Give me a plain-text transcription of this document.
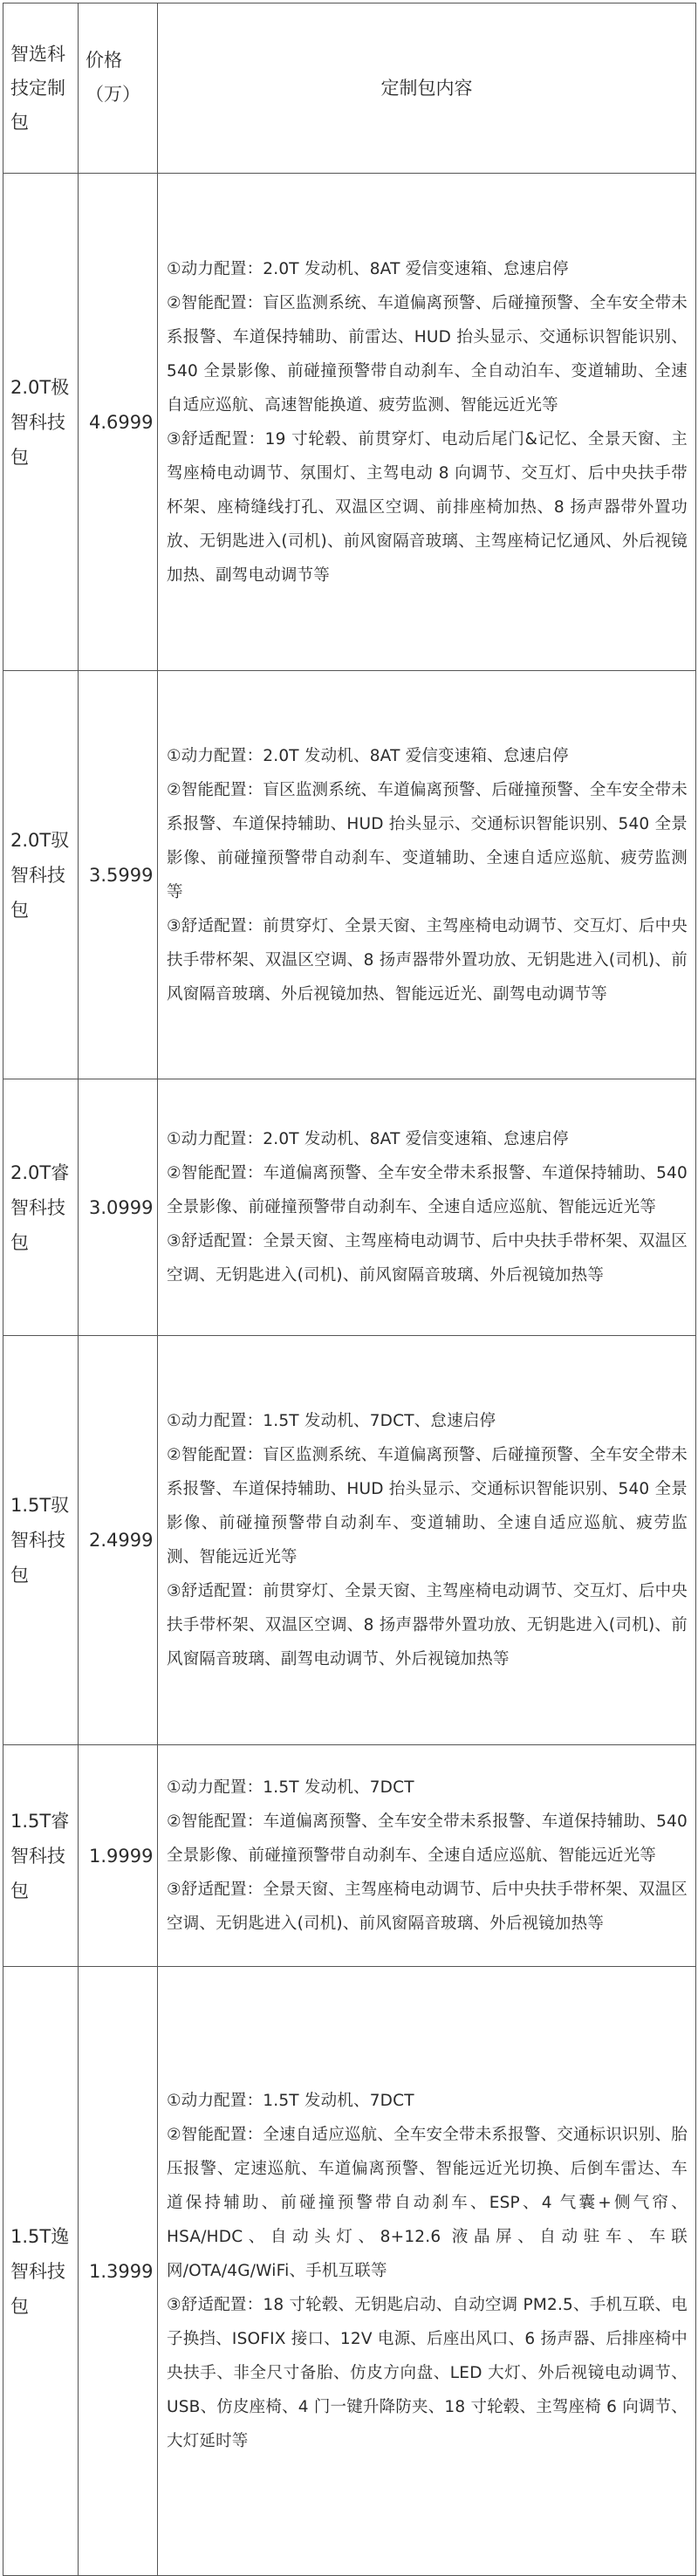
智选科技定制包	价格（万）	定制包内容
2.0T极智科技包	4.6999	①动力配置：2.0T 发动机、8AT 爱信变速箱、怠速启停

②智能配置：盲区监测系统、车道偏离预警、后碰撞预警、全车安全带未系报警、车道保持辅助、前雷达、HUD 抬头显示、交通标识智能识别、540 全景影像、前碰撞预警带自动刹车、全自动泊车、变道辅助、全速自适应巡航、高速智能换道、疲劳监测、智能远近光等

③舒适配置：19 寸轮毂、前贯穿灯、电动后尾门&记忆、全景天窗、主驾座椅电动调节、氛围灯、主驾电动 8 向调节、交互灯、后中央扶手带杯架、座椅缝线打孔、双温区空调、前排座椅加热、8 扬声器带外置功放、无钥匙进入(司机)、前风窗隔音玻璃、主驾座椅记忆通风、外后视镜加热、副驾电动调节等

2.0T驭智科技包	3.5999	①动力配置：2.0T 发动机、8AT 爱信变速箱、怠速启停

②智能配置：盲区监测系统、车道偏离预警、后碰撞预警、全车安全带未系报警、车道保持辅助、HUD 抬头显示、交通标识智能识别、540 全景影像、前碰撞预警带自动刹车、变道辅助、全速自适应巡航、疲劳监测等

③舒适配置：前贯穿灯、全景天窗、主驾座椅电动调节、交互灯、后中央扶手带杯架、双温区空调、8 扬声器带外置功放、无钥匙进入(司机)、前风窗隔音玻璃、外后视镜加热、智能远近光、副驾电动调节等

2.0T睿智科技包	3.0999	①动力配置：2.0T 发动机、8AT 爱信变速箱、怠速启停

②智能配置：车道偏离预警、全车安全带未系报警、车道保持辅助、540 全景影像、前碰撞预警带自动刹车、全速自适应巡航、智能远近光等

③舒适配置：全景天窗、主驾座椅电动调节、后中央扶手带杯架、双温区空调、无钥匙进入(司机)、前风窗隔音玻璃、外后视镜加热等

1.5T驭智科技包	2.4999	①动力配置：1.5T 发动机、7DCT、怠速启停

②智能配置：盲区监测系统、车道偏离预警、后碰撞预警、全车安全带未系报警、车道保持辅助、HUD 抬头显示、交通标识智能识别、540 全景影像、前碰撞预警带自动刹车、变道辅助、全速自适应巡航、疲劳监测、智能远近光等

③舒适配置：前贯穿灯、全景天窗、主驾座椅电动调节、交互灯、后中央扶手带杯架、双温区空调、8 扬声器带外置功放、无钥匙进入(司机)、前风窗隔音玻璃、副驾电动调节、外后视镜加热等

1.5T睿智科技包	1.9999	①动力配置：1.5T 发动机、7DCT

②智能配置：车道偏离预警、全车安全带未系报警、车道保持辅助、540 全景影像、前碰撞预警带自动刹车、全速自适应巡航、智能远近光等

③舒适配置：全景天窗、主驾座椅电动调节、后中央扶手带杯架、双温区空调、无钥匙进入(司机)、前风窗隔音玻璃、外后视镜加热等

1.5T逸智科技包	1.3999	①动力配置：1.5T 发动机、7DCT

②智能配置：全速自适应巡航、全车安全带未系报警、交通标识识别、胎压报警、定速巡航、车道偏离预警、智能远近光切换、后倒车雷达、车道保持辅助、前碰撞预警带自动刹车、ESP、4 气囊+侧气帘、HSA/HDC、自动头灯、8+12.6 液晶屏、自动驻车、车联网/OTA/4G/WiFi、手机互联等

③舒适配置：18 寸轮毂、无钥匙启动、自动空调 PM2.5、手机互联、电子换挡、ISOFIX 接口、12V 电源、后座出风口、6 扬声器、后排座椅中央扶手、非全尺寸备胎、仿皮方向盘、LED 大灯、外后视镜电动调节、USB、仿皮座椅、4 门一键升降防夹、18 寸轮毂、主驾座椅 6 向调节、大灯延时等
